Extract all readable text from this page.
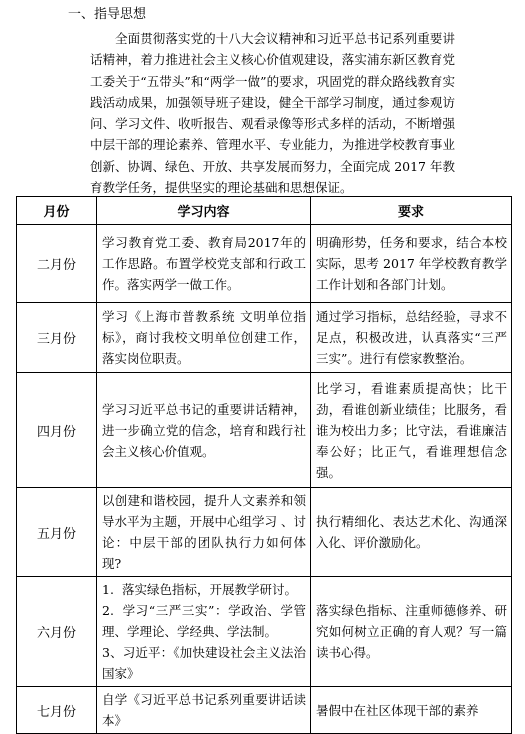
一、指导思想

全面贯彻落实党的十八大会议精神和习近平总书记系列重要讲话精神，着力推进社会主义核心价值观建设，落实浦东新区教育党工委关于“五带头”和“两学一做”的要求，巩固党的群众路线教育实践活动成果，加强领导班子建设，健全干部学习制度，通过参观访问、学习文件、收听报告、观看录像等形式多样的活动，不断增强中层干部的理论素养、管理水平、专业能力，为推进学校教育事业创新、协调、绿色、开放、共享发展而努力，全面完成 2017 年教育教学任务，提供坚实的理论基础和思想保证。

月份	学习内容	要求
二月份	学习教育党工委、教育局2017年的工作思路。布置学校党支部和行政工作。落实两学一做工作。	明确形势，任务和要求，结合本校实际，思考 2017 年学校教育教学工作计划和各部门计划。
三月份	学习《上海市普教系统 文明单位指标》，商讨我校文明单位创建工作，落实岗位职责。	通过学习指标，总结经验，寻求不足点，积极改进，认真落实“三严三实”。进行有偿家教整治。
四月份	学习习近平总书记的重要讲话精神，进一步确立党的信念，培育和践行社会主义核心价值观。	比学习，看谁素质提高快；比干劲，看谁创新业绩佳；比服务，看谁为校出力多；比守法，看谁廉洁奉公好；比正气，看谁理想信念强。
五月份	以创建和谐校园，提升人文素养和领导水平为主题，开展中心组学习 、讨论：中层干部的团队执行力如何体现?	执行精细化、表达艺术化、沟通深入化、评价激励化。
六月份	1. 落实绿色指标，开展教学研讨。
2. 学习“三严三实”：学政治、学管理、学理论、学经典、学法制。
3、习近平：《加快建设社会主义法治国家》	落实绿色指标、注重师德修养、研究如何树立正确的育人观？写一篇读书心得。
七月份	自学《习近平总书记系列重要讲话读本》	暑假中在社区体现干部的素养
